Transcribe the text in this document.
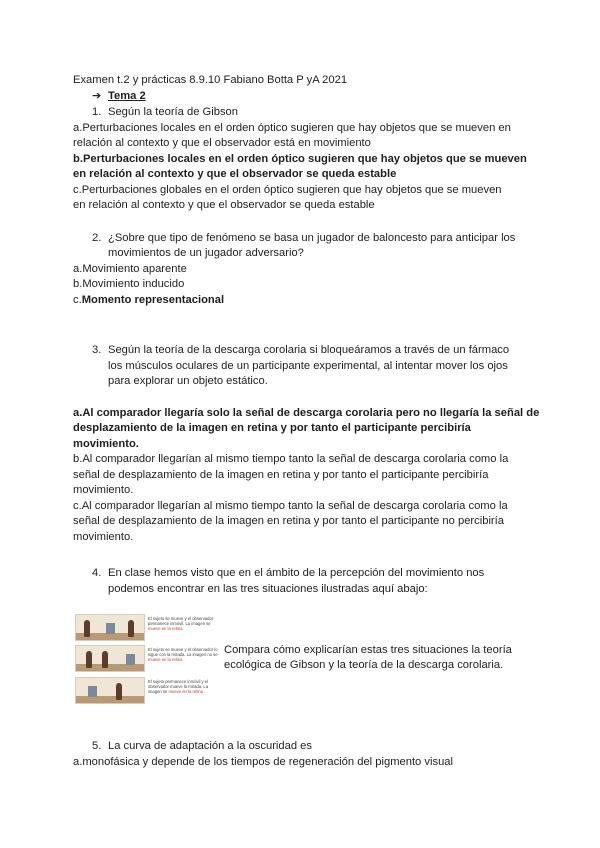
Examen t.2 y prácticas 8.9.10 Fabiano Botta P yA 2021
➔ Tema 2
1. Según la teoría de Gibson
a.Perturbaciones locales en el orden óptico sugieren que hay objetos que se mueven en
relación al contexto y que el observador está en movimiento
b.Perturbaciones locales en el orden óptico sugieren que hay objetos que se mueven
en relación al contexto y que el observador se queda estable
c.Perturbaciones globales en el orden óptico sugieren que hay objetos que se mueven
en relación al contexto y que el observador se queda estable
2. ¿Sobre que tipo de fenómeno se basa un jugador de baloncesto para anticipar los
movimientos de un jugador adversario?
a.Movimiento aparente
b.Movimiento inducido
c.Momento representacional
3. Según la teoría de la descarga corolaria si bloqueáramos a través de un fármaco
los músculos oculares de un participante experimental, al intentar mover los ojos
para explorar un objeto estático.
a.Al comparador llegaría solo la señal de descarga corolaria pero no llegaría la señal de
desplazamiento de la imagen en retina y por tanto el participante percibiría
movimiento.
b.Al comparador llegarían al mismo tiempo tanto la señal de descarga corolaria como la
señal de desplazamiento de la imagen en retina y por tanto el participante percibiría
movimiento.
c.Al comparador llegarían al mismo tiempo tanto la señal de descarga corolaria como la
señal de desplazamiento de la imagen en retina y por tanto el participante no percibiría
movimiento.
4. En clase hemos visto que en el ámbito de la percepción del movimiento nos
podemos encontrar en las tres situaciones ilustradas aquí abajo:
El sujeto se mueve y el observador permanece inmóvil. La imagen se mueve en la retina
El sujeto se mueve y el observador lo sigue con la mirada. La imagen no se mueve en la retina
El sujeto permanece inmóvil y el observador mueve la mirada. La imagen se mueve en la retina
Compara cómo explicarían estas tres situaciones la teoría
ecológica de Gibson y la teoría de la descarga corolaria.
5. La curva de adaptación a la oscuridad es
a.monofásica y depende de los tiempos de regeneración del pigmento visual
